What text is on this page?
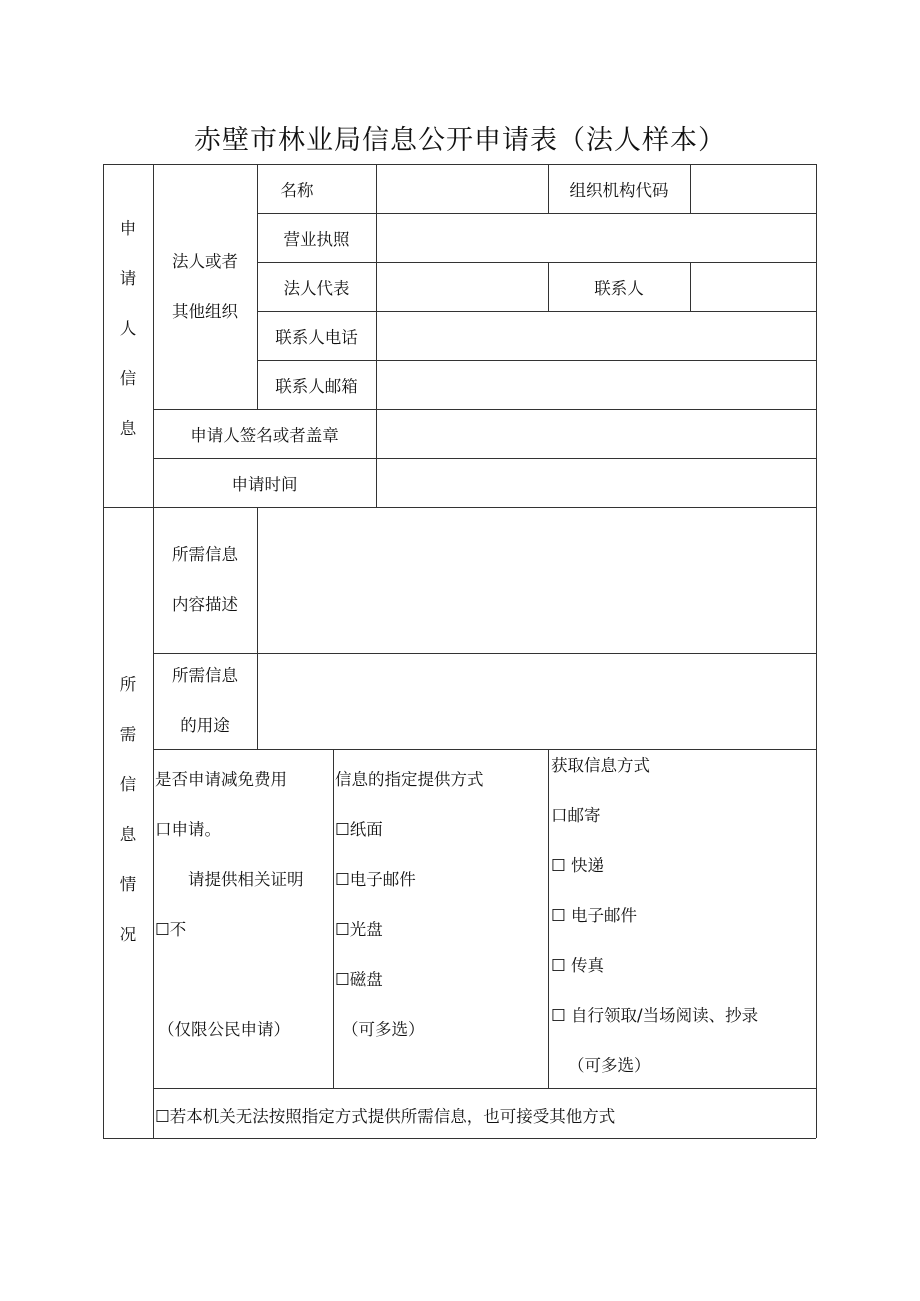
赤壁市林业局信息公开申请表（法人样本）
申
请
人
信
息
所
需
信
息
情
况
法人或者
其他组织
名称	组织机构代码
营业执照
法人代表	联系人
联系人电话
联系人邮箱
申请人签名或者盖章
申请时间
所需信息
内容描述
所需信息
的用途
是否申请减免费用
口申请。
请提供相关证明
☐不
（仅限公民申请）
信息的指定提供方式
☐纸面
☐电子邮件
☐光盘
☐磁盘
（可多选）
获取信息方式
口邮寄
☐ 快递
☐ 电子邮件
☐ 传真
☐ 自行领取/当场阅读、抄录
（可多选）
☐若本机关无法按照指定方式提供所需信息，也可接受其他方式
